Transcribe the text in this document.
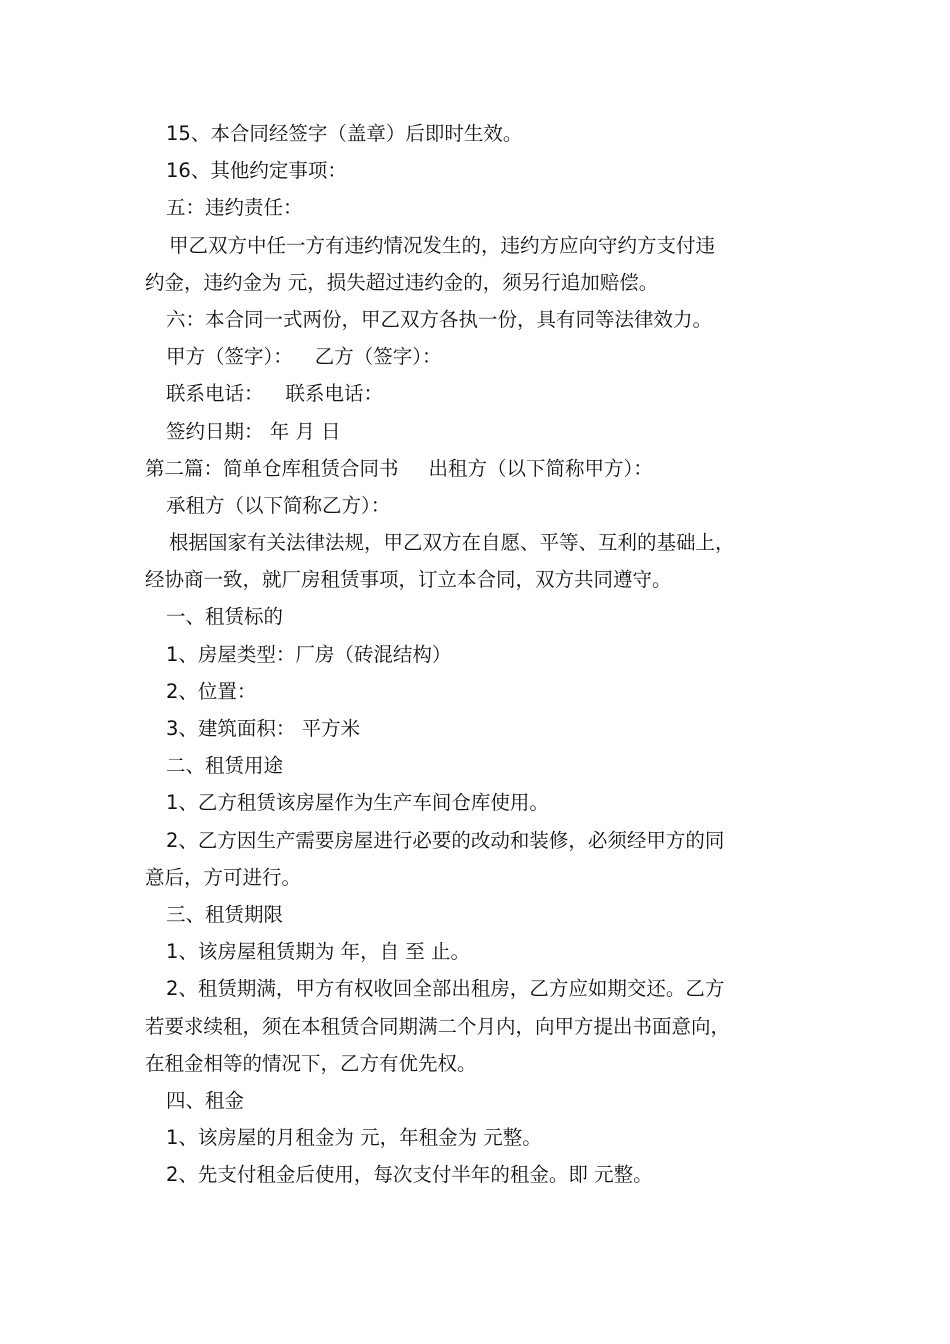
15、本合同经签字（盖章）后即时生效。
16、其他约定事项：
五：违约责任：
甲乙双方中任一方有违约情况发生的，违约方应向守约方支付违
约金，违约金为 元，损失超过违约金的，须另行追加赔偿。
六：本合同一式两份，甲乙双方各执一份，具有同等法律效力。
甲方（签字）： 乙方（签字）：
联系电话： 联系电话：
签约日期： 年 月 日
第二篇：简单仓库租赁合同书 出租方（以下简称甲方）：
承租方（以下简称乙方）：
根据国家有关法律法规，甲乙双方在自愿、平等、互利的基础上，
经协商一致，就厂房租赁事项，订立本合同，双方共同遵守。
一、租赁标的
1、房屋类型：厂房（砖混结构）
2、位置：
3、建筑面积： 平方米
二、租赁用途
1、乙方租赁该房屋作为生产车间仓库使用。
2、乙方因生产需要房屋进行必要的改动和装修，必须经甲方的同
意后，方可进行。
三、租赁期限
1、该房屋租赁期为 年，自 至 止。
2、租赁期满，甲方有权收回全部出租房，乙方应如期交还。乙方
若要求续租，须在本租赁合同期满二个月内，向甲方提出书面意向，
在租金相等的情况下，乙方有优先权。
四、租金
1、该房屋的月租金为 元，年租金为 元整。
2、先支付租金后使用，每次支付半年的租金。即 元整。
